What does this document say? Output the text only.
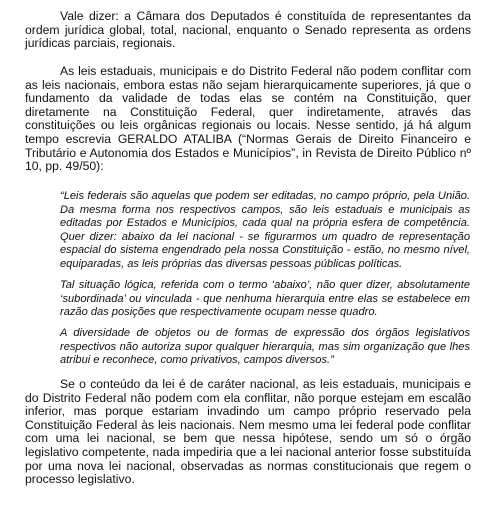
Vale dizer: a Câmara dos Deputados é constituída de representantes da ordem jurídica global, total, nacional, enquanto o Senado representa as ordens jurídicas parciais, regionais.

As leis estaduais, municipais e do Distrito Federal não podem conflitar com as leis nacionais, embora estas não sejam hierarquicamente superiores, já que o fundamento da validade de todas elas se contém na Constituição, quer diretamente na Constituição Federal, quer indiretamente, através das constituições ou leis orgânicas regionais ou locais. Nesse sentido, já há algum tempo escrevia GERALDO ATALIBA (“Normas Gerais de Direito Financeiro e Tributário e Autonomia dos Estados e Municípios”, in Revista de Direito Público nº 10, pp. 49/50):

“Leis federais são aquelas que podem ser editadas, no campo próprio, pela União. Da mesma forma nos respectivos campos, são leis estaduais e municipais as editadas por Estados e Municípios, cada qual na própria esfera de competência. Quer dizer: abaixo da lei nacional - se figurarmos um quadro de representação espacial do sistema engendrado pela nossa Constituição - estão, no mesmo nível, equiparadas, as leis próprias das diversas pessoas públicas políticas.

Tal situação lógica, referida com o termo ‘abaixo’, não quer dizer, absolutamente ‘subordinada’ ou vinculada - que nenhuma hierarquia entre elas se estabelece em razão das posições que respectivamente ocupam nesse quadro.

A diversidade de objetos ou de formas de expressão dos órgãos legislativos respectivos não autoriza supor qualquer hierarquia, mas sim organização que lhes atribui e reconhece, como privativos, campos diversos.”

Se o conteúdo da lei é de caráter nacional, as leis estaduais, municipais e do Distrito Federal não podem com ela conflitar, não porque estejam em escalão inferior, mas porque estariam invadindo um campo próprio reservado pela Constituição Federal às leis nacionais. Nem mesmo uma lei federal pode conflitar com uma lei nacional, se bem que nessa hipótese, sendo um só o órgão legislativo competente, nada impediria que a lei nacional anterior fosse substituída por uma nova lei nacional, observadas as normas constitucionais que regem o processo legislativo.
